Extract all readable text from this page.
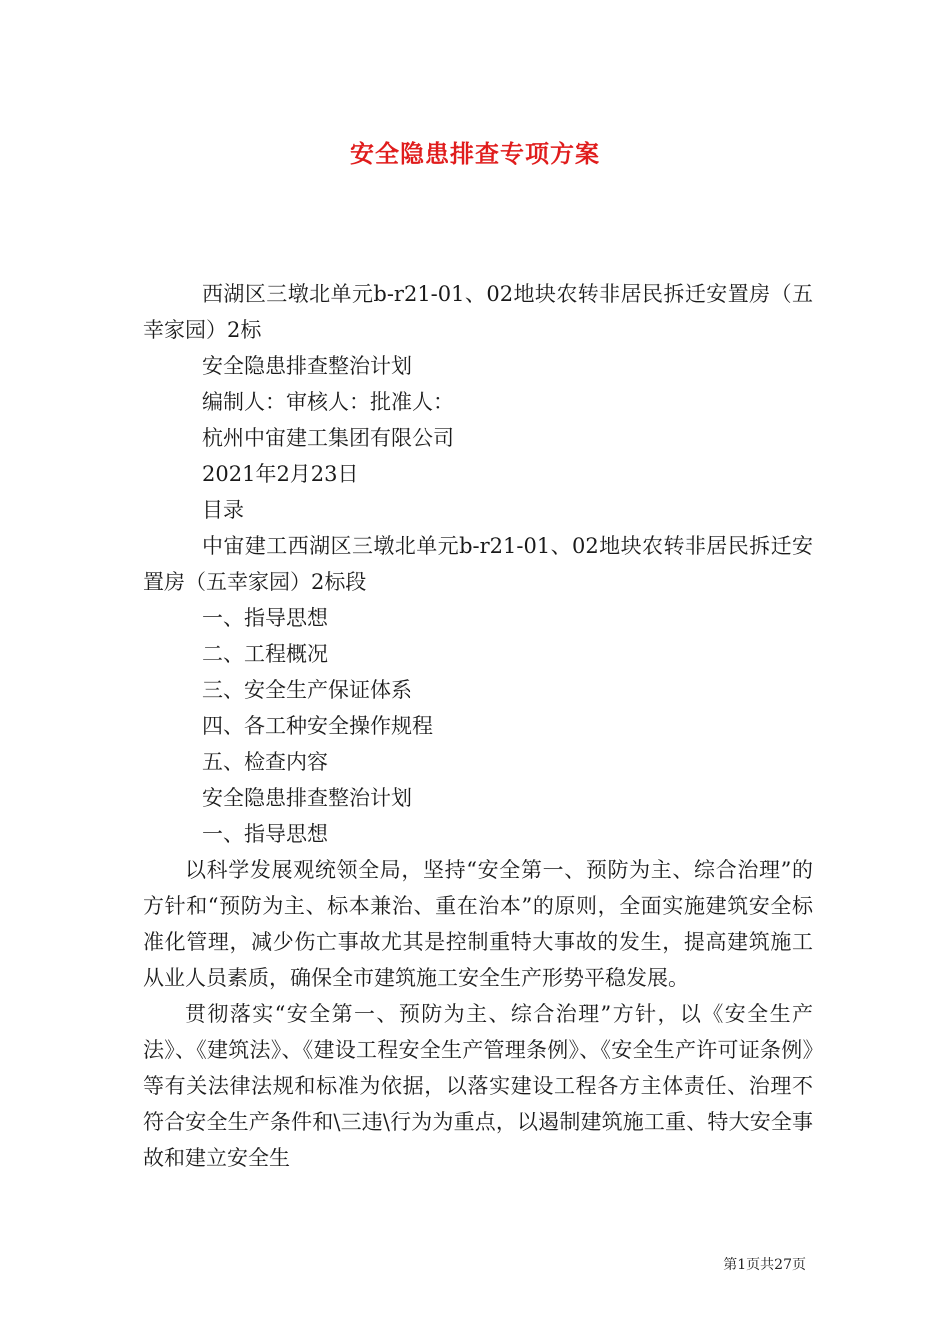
安全隐患排查专项方案

西湖区三墩北单元b-r21-01、02地块农转非居民拆迁安置房（五幸家园）2标

安全隐患排查整治计划

编制人：审核人：批准人：

杭州中宙建工集团有限公司

2021年2月23日

目录

中宙建工西湖区三墩北单元b-r21-01、02地块农转非居民拆迁安置房（五幸家园）2标段

一、指导思想

二、工程概况

三、安全生产保证体系

四、各工种安全操作规程

五、检查内容

安全隐患排查整治计划

一、指导思想

以科学发展观统领全局，坚持“安全第一、预防为主、综合治理”的方针和“预防为主、标本兼治、重在治本”的原则，全面实施建筑安全标准化管理，减少伤亡事故尤其是控制重特大事故的发生，提高建筑施工从业人员素质，确保全市建筑施工安全生产形势平稳发展。

贯彻落实“安全第一、预防为主、综合治理”方针，以《安全生产法》、《建筑法》、《建设工程安全生产管理条例》、《安全生产许可证条例》等有关法律法规和标准为依据，以落实建设工程各方主体责任、治理不符合安全生产条件和\三违\行为为重点，以遏制建筑施工重、特大安全事故和建立安全生

第1页共27页
